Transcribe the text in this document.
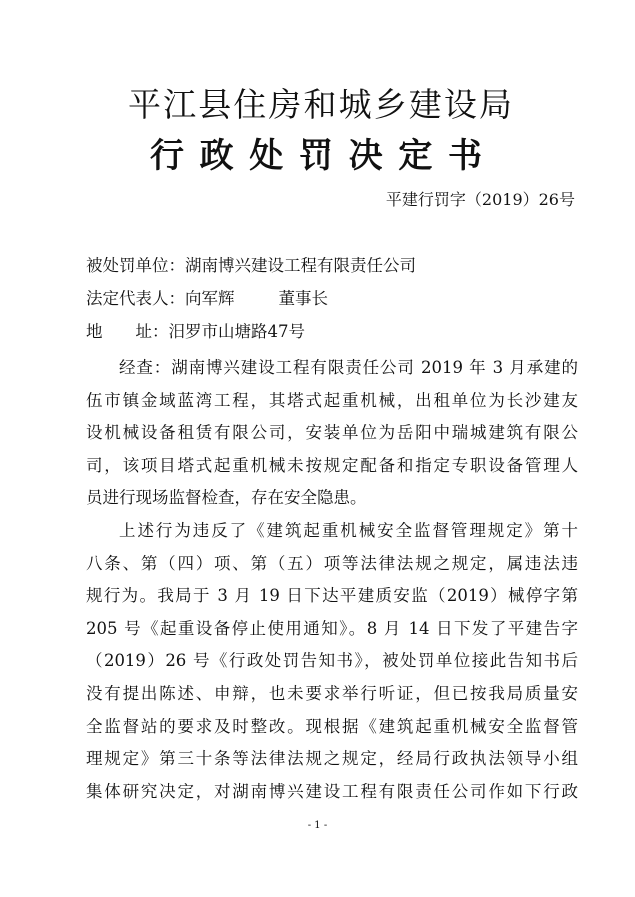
平江县住房和城乡建设局
行政处罚决定书
平建行罚字（2019）26号
被处罚单位：湖南博兴建设工程有限责任公司
法定代表人：向军辉	董事长
地　　址：汨罗市山塘路47号
经查：湖南博兴建设工程有限责任公司 2019 年 3 月承建的
伍市镇金域蓝湾工程，其塔式起重机械，出租单位为长沙建友
设机械设备租赁有限公司，安装单位为岳阳中瑞城建筑有限公
司，该项目塔式起重机械未按规定配备和指定专职设备管理人
员进行现场监督检查，存在安全隐患。
上述行为违反了《建筑起重机械安全监督管理规定》第十
八条、第（四）项、第（五）项等法律法规之规定，属违法违
规行为。我局于 3 月 19 日下达平建质安监（2019）械停字第
205 号《起重设备停止使用通知》。8 月 14 日下发了平建告字
（2019）26 号《行政处罚告知书》，被处罚单位接此告知书后
没有提出陈述、申辩，也未要求举行听证，但已按我局质量安
全监督站的要求及时整改。现根据《建筑起重机械安全监督管
理规定》第三十条等法律法规之规定，经局行政执法领导小组
集体研究决定，对湖南博兴建设工程有限责任公司作如下行政
- 1 -
